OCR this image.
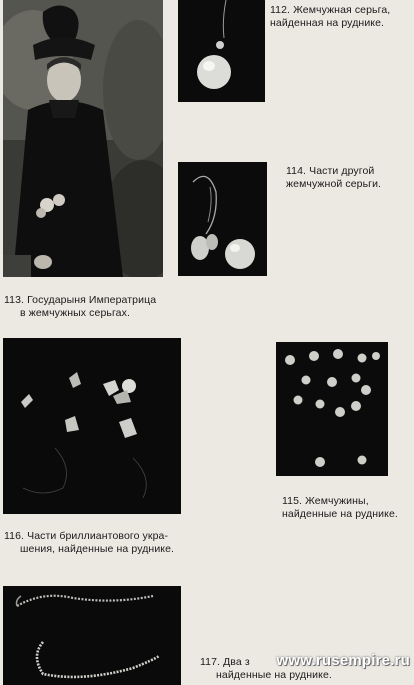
112. Жемчужная серьга,
найденная на руднике.
114. Части другой
жемчужной серьги.
113. Государыня Императрица
в жемчужных серьгах.
115. Жемчужины,
найденные на руднике.
116. Части бриллиантового укра-
шения, найденные на руднике.
117. Два з
найденные на руднике.
www.rusempire.ru
